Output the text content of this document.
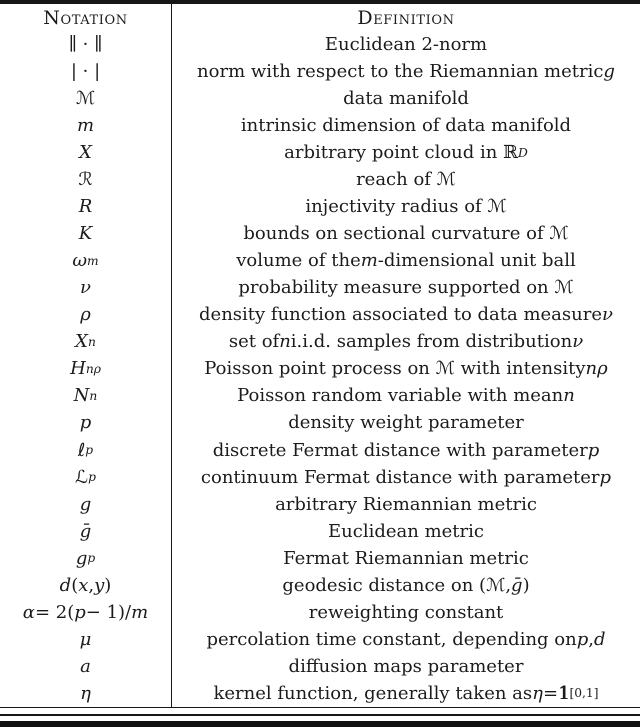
Notation	Definition
∥ · ∥	Euclidean 2-norm
| · |	norm with respect to the Riemannian metric g
ℳ	data manifold
m	intrinsic dimension of data manifold
X	arbitrary point cloud in ℝ D
ℛ	reach of ℳ
R	injectivity radius of ℳ
K	bounds on sectional curvature of ℳ
ω m	volume of the m -dimensional unit ball
ν	probability measure supported on ℳ
ρ	density function associated to data measure ν
X n	set of n i.i.d. samples from distribution ν
H nρ	Poisson point process on ℳ with intensity nρ
N n	Poisson random variable with mean n
p	density weight parameter
ℓ p	discrete Fermat distance with parameter p
ℒ p	continuum Fermat distance with parameter p
g	arbitrary Riemannian metric
ḡ	Euclidean metric
g p	Fermat Riemannian metric
d ( x , y )	geodesic distance on (ℳ, ḡ )
α = 2( p − 1)/ m	reweighting constant
μ	percolation time constant, depending on p , d
a	diffusion maps parameter
η	kernel function, generally taken as η = 1 1 [0,1]
